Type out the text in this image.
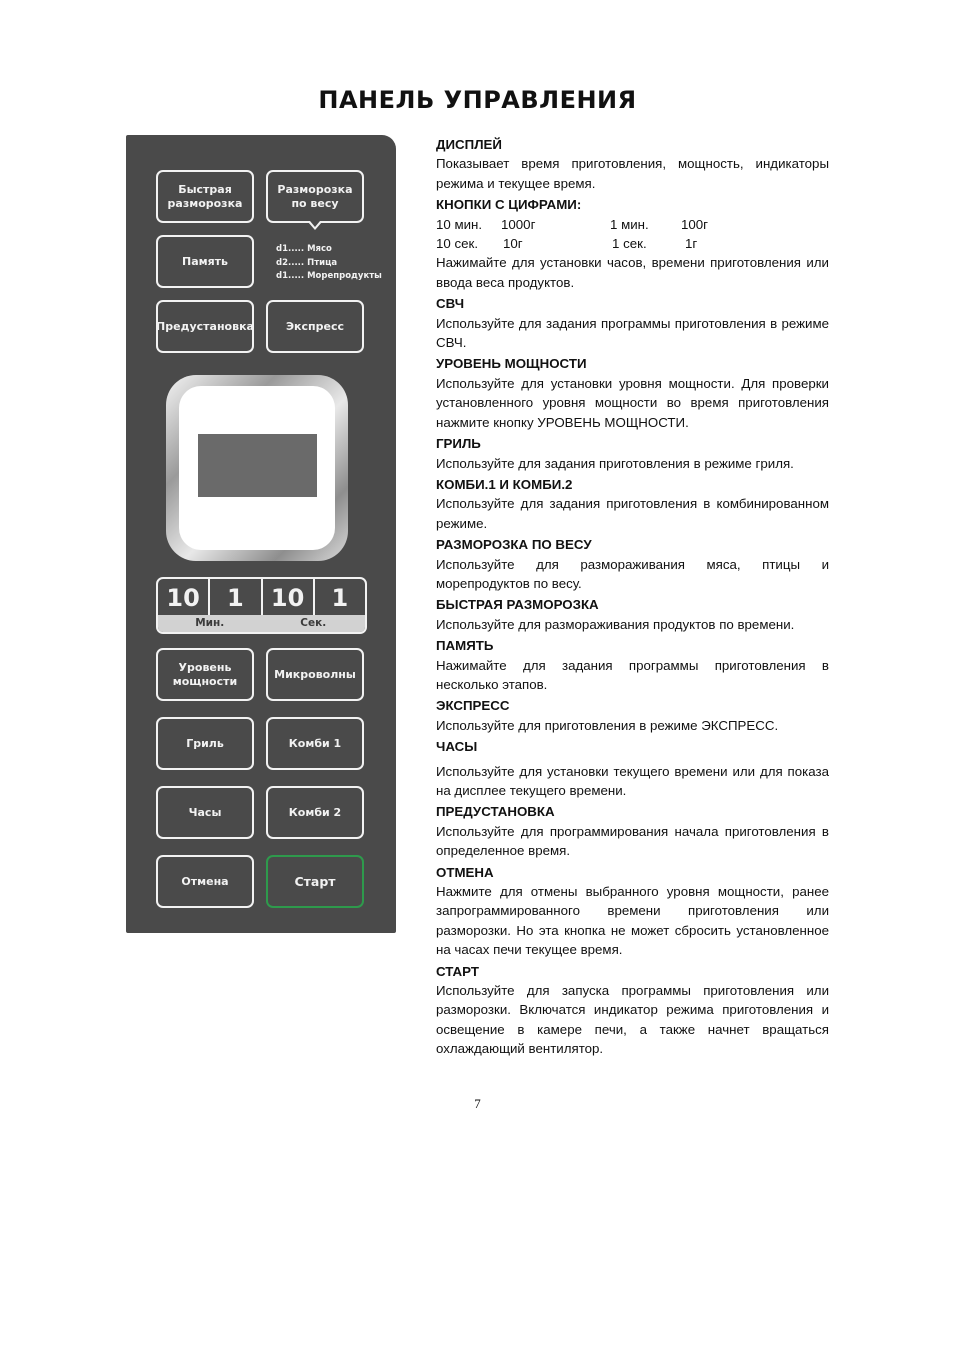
ПАНЕЛЬ УПРАВЛЕНИЯ
Быстрая
разморозка
Разморозка
по весу
Память
d1..... Мясо
d2..... Птица
d1..... Морепродукты
Предустановка	Экспресс
10	1	10	1
Мин.	Сек.
Уровень
мощности
Микроволны
Гриль	Комби 1
Часы	Комби 2
Отмена	Старт
ДИСПЛЕЙ
Показывает время приготовления, мощность, индикаторы режима и текущее время.
КНОПКИ С ЦИФРАМИ:
10 мин.	1000г	1 мин.	100г
10 сек.	10г	1 сек.	1г
Нажимайте для установки часов, времени приготовления или ввода веса продуктов.
СВЧ
Используйте для задания программы приготовления в режиме СВЧ.
УРОВЕНЬ МОЩНОСТИ
Используйте для установки уровня мощности. Для проверки установленного уровня мощности во время приготовления нажмите кнопку УРОВЕНЬ МОЩНОСТИ.
ГРИЛЬ
Используйте для задания приготовления в режиме гриля.
КОМБИ.1 И КОМБИ.2
Используйте для задания приготовления в комбинированном режиме.
РАЗМОРОЗКА ПО ВЕСУ
Используйте для размораживания мяса, птицы и морепродуктов по весу.
БЫСТРАЯ РАЗМОРОЗКА
Используйте для размораживания продуктов по времени.
ПАМЯТЬ
Нажимайте для задания программы приготовления в несколько этапов.
ЭКСПРЕСС
Используйте для приготовления в режиме ЭКСПРЕСС.
ЧАСЫ
Используйте для установки текущего времени или для показа на дисплее текущего времени.
ПРЕДУСТАНОВКА
Используйте для программирования начала приготовления в определенное время.
ОТМЕНА
Нажмите для отмены выбранного уровня мощности, ранее запрограммированного времени приготовления или разморозки. Но эта кнопка не может сбросить установленное на часах печи текущее время.
СТАРТ
Используйте для запуска программы приготовления или разморозки. Включатся индикатор режима приготовления и освещение в камере печи, а также начнет вращаться охлаждающий вентилятор.
7
